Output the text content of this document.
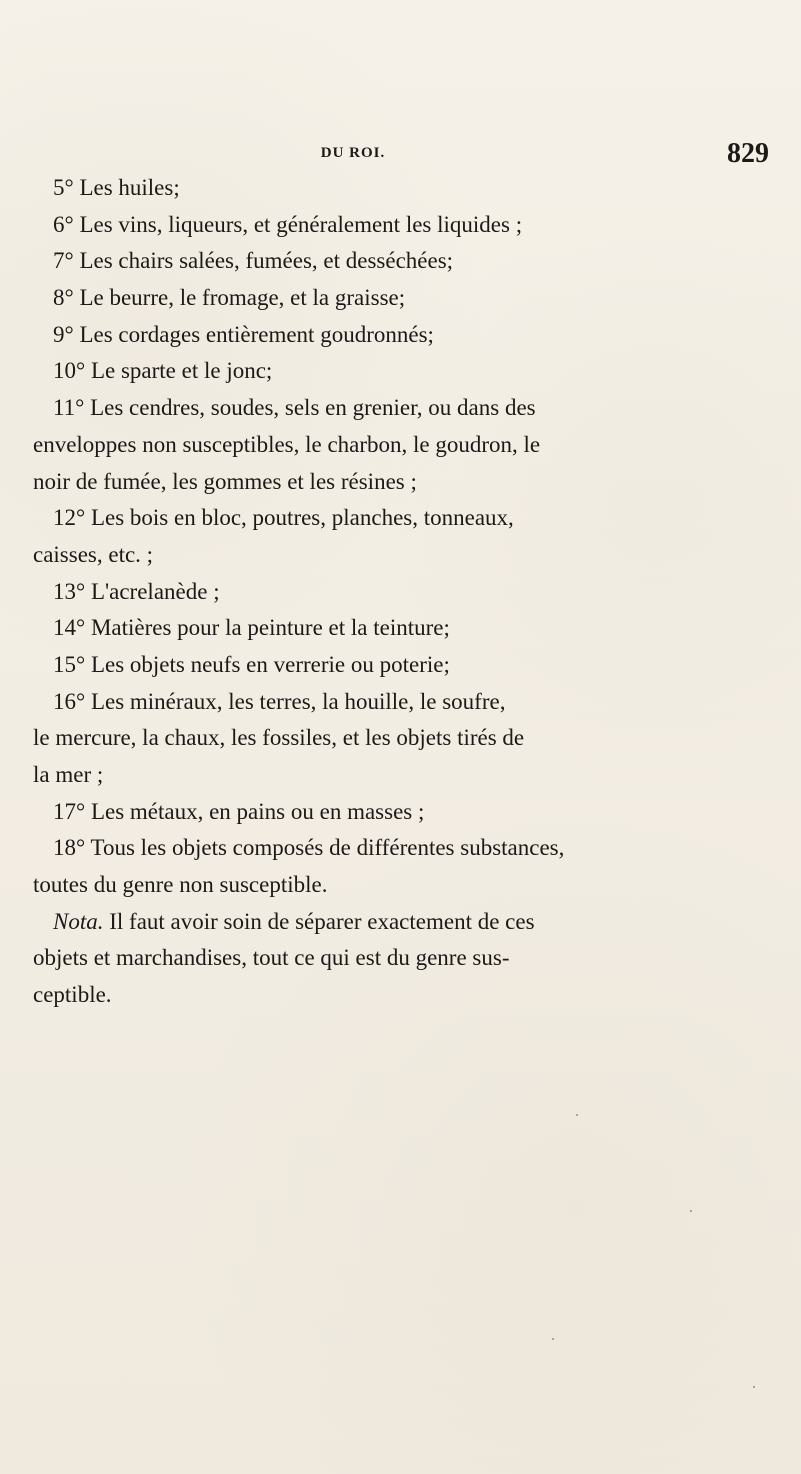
DU ROI.	829
5° Les huiles;
6° Les vins, liqueurs, et généralement les liquides ;
7° Les chairs salées, fumées, et desséchées;
8° Le beurre, le fromage, et la graisse;
9° Les cordages entièrement goudronnés;
10° Le sparte et le jonc;
11° Les cendres, soudes, sels en grenier, ou dans des
enveloppes non susceptibles, le charbon, le goudron, le
noir de fumée, les gommes et les résines ;
12° Les bois en bloc, poutres, planches, tonneaux,
caisses, etc. ;
13° L'acrelanède ;
14° Matières pour la peinture et la teinture;
15° Les objets neufs en verrerie ou poterie;
16° Les minéraux, les terres, la houille, le soufre,
le mercure, la chaux, les fossiles, et les objets tirés de
la mer ;
17° Les métaux, en pains ou en masses ;
18° Tous les objets composés de différentes substances,
toutes du genre non susceptible.
Nota. Il faut avoir soin de séparer exactement de ces
objets et marchandises, tout ce qui est du genre sus-
ceptible.
